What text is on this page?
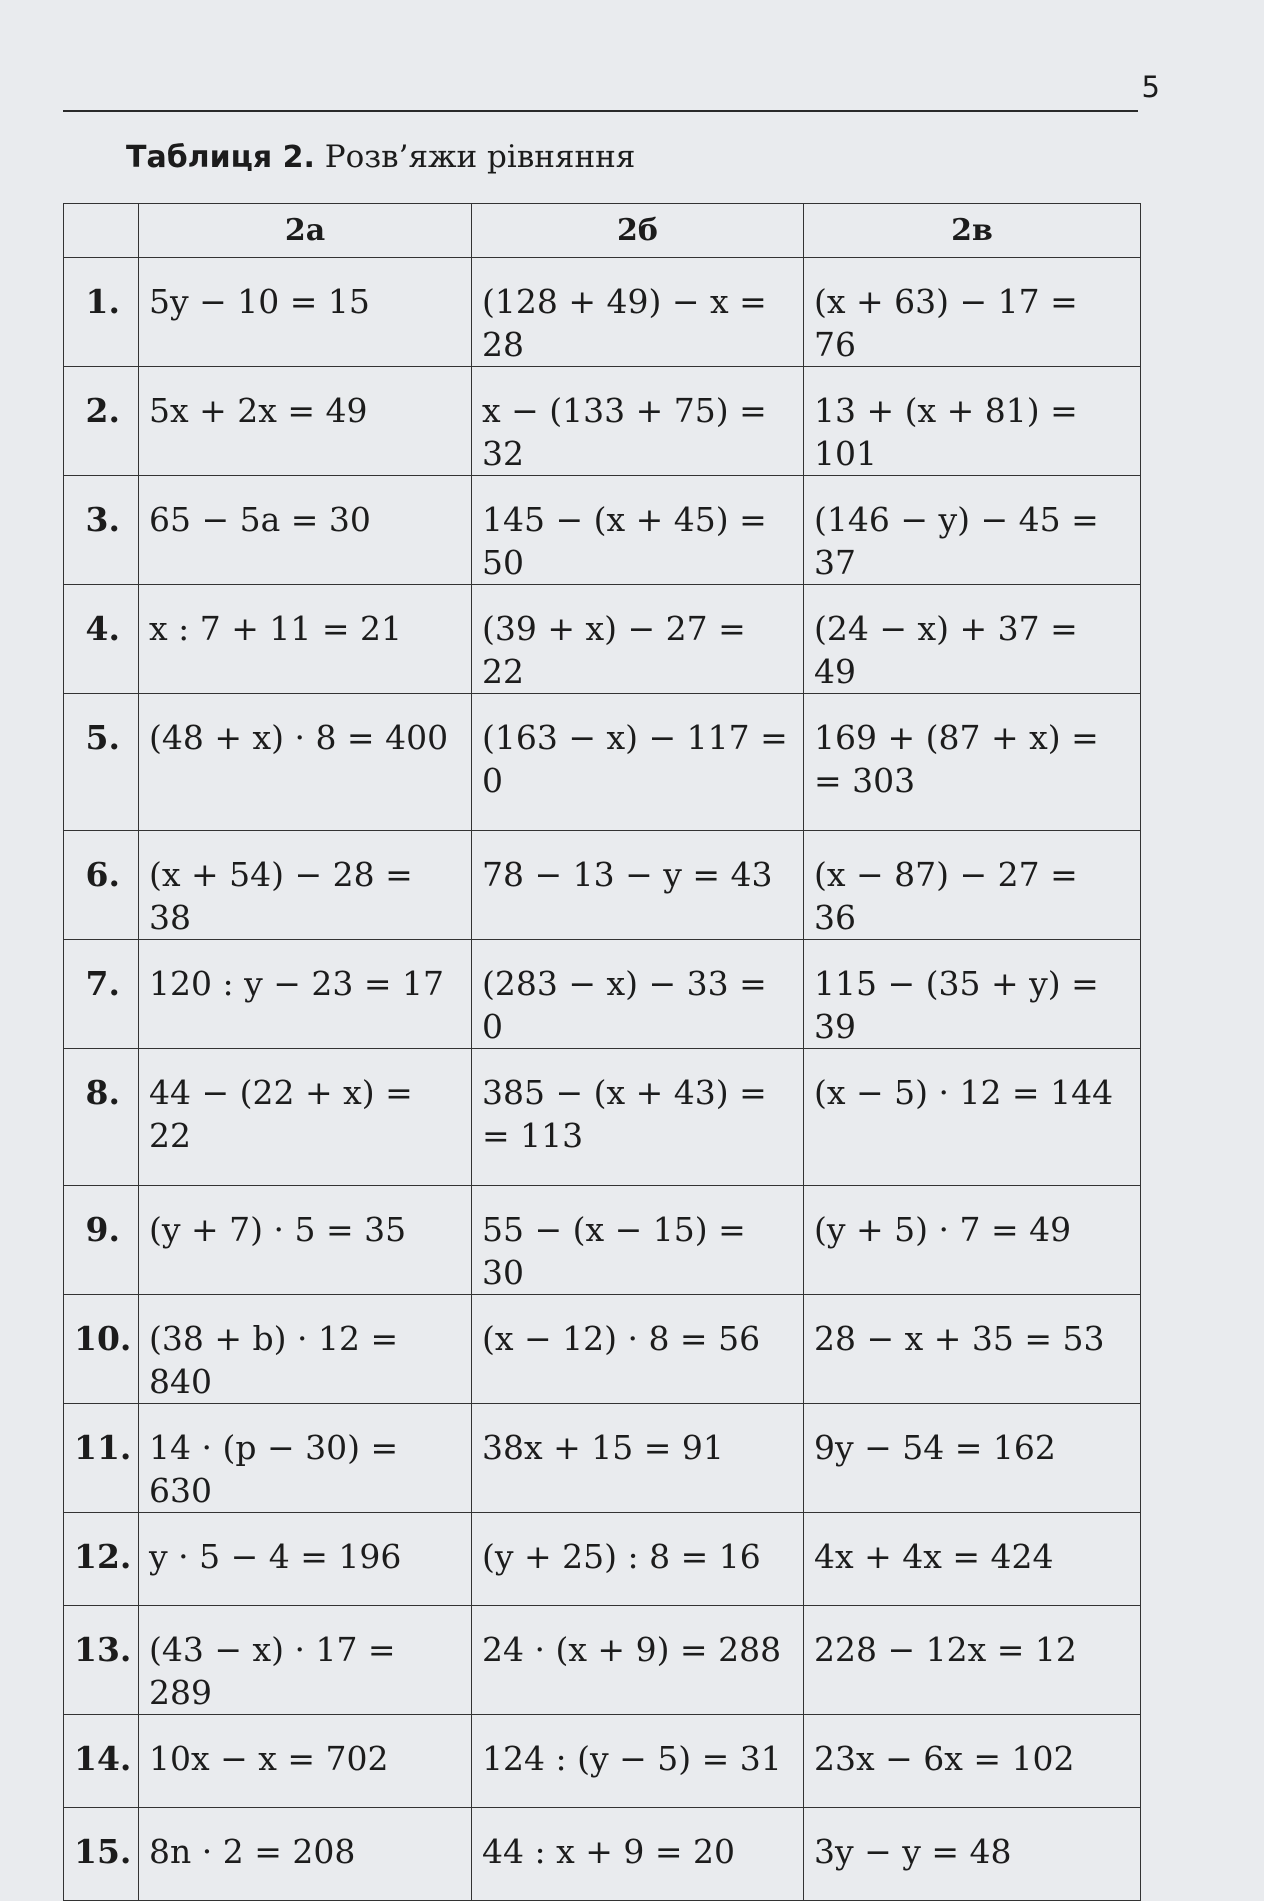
5
Таблиця 2. Розв’яжи рівняння
	2а	2б	2в

1.	5y − 10 = 15	(128 + 49) − x = 28	(x + 63) − 17 = 76

2.	5x + 2x = 49	x − (133 + 75) = 32	13 + (x + 81) = 101

3.	65 − 5a = 30	145 − (x + 45) = 50	(146 − y) − 45 = 37

4.	x : 7 + 11 = 21	(39 + x) − 27 = 22	(24 − x) + 37 = 49

5.	(48 + x) · 8 = 400	(163 − x) − 117 = 0	169 + (87 + x) =
= 303

6.	(x + 54) − 28 = 38	78 − 13 − y = 43	(x − 87) − 27 = 36

7.	120 : y − 23 = 17	(283 − x) − 33 = 0	115 − (35 + y) = 39

8.	44 − (22 + x) = 22	385 − (x + 43) =
= 113	(x − 5) · 12 = 144

9.	(y + 7) · 5 = 35	55 − (x − 15) = 30	(y + 5) · 7 = 49

10.	(38 + b) · 12 = 840	(x − 12) · 8 = 56	28 − x + 35 = 53

11.	14 · (p − 30) = 630	38x + 15 = 91	9y − 54 = 162

12.	y · 5 − 4 = 196	(y + 25) : 8 = 16	4x + 4x = 424

13.	(43 − x) · 17 = 289	24 · (x + 9) = 288	228 − 12x = 12

14.	10x − x = 702	124 : (y − 5) = 31	23x − 6x = 102

15.	8n · 2 = 208	44 : x + 9 = 20	3y − y = 48
